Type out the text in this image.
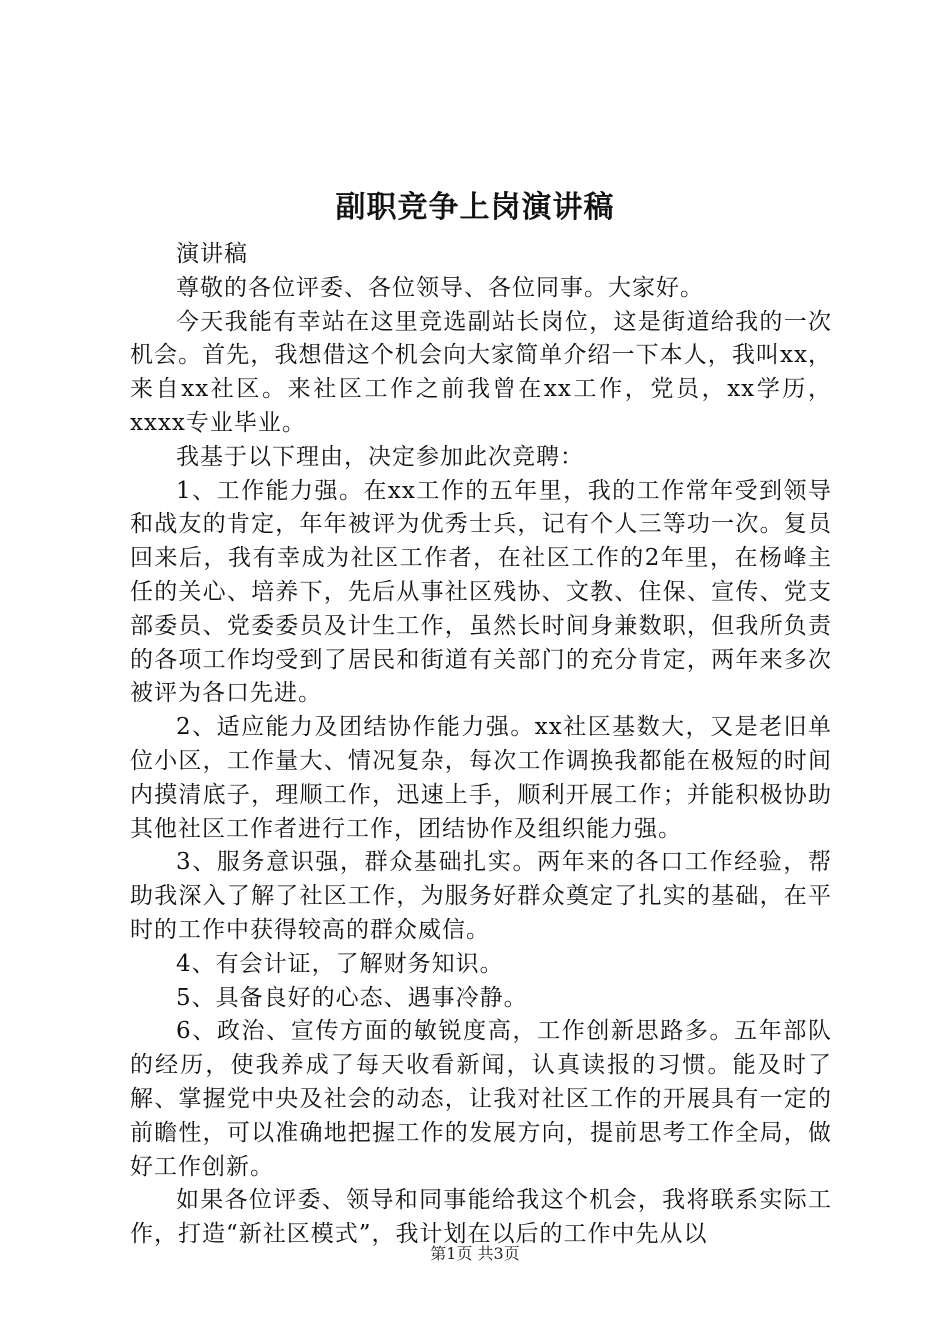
副职竞争上岗演讲稿

演讲稿

尊敬的各位评委、各位领导、各位同事。大家好。

今天我能有幸站在这里竞选副站长岗位，这是街道给我的一次机会。首先，我想借这个机会向大家简单介绍一下本人，我叫xx，来自xx社区。来社区工作之前我曾在xx工作，党员，xx学历，xxxx专业毕业。

我基于以下理由，决定参加此次竞聘：

1、工作能力强。在xx工作的五年里，我的工作常年受到领导和战友的肯定，年年被评为优秀士兵，记有个人三等功一次。复员回来后，我有幸成为社区工作者，在社区工作的2年里，在杨峰主任的关心、培养下，先后从事社区残协、文教、住保、宣传、党支部委员、党委委员及计生工作，虽然长时间身兼数职，但我所负责的各项工作均受到了居民和街道有关部门的充分肯定，两年来多次被评为各口先进。

2、适应能力及团结协作能力强。xx社区基数大，又是老旧单位小区，工作量大、情况复杂，每次工作调换我都能在极短的时间内摸清底子，理顺工作，迅速上手，顺利开展工作；并能积极协助其他社区工作者进行工作，团结协作及组织能力强。

3、服务意识强，群众基础扎实。两年来的各口工作经验，帮助我深入了解了社区工作，为服务好群众奠定了扎实的基础，在平时的工作中获得较高的群众威信。

4、有会计证，了解财务知识。

5、具备良好的心态、遇事冷静。

6、政治、宣传方面的敏锐度高，工作创新思路多。五年部队的经历，使我养成了每天收看新闻，认真读报的习惯。能及时了解、掌握党中央及社会的动态，让我对社区工作的开展具有一定的前瞻性，可以准确地把握工作的发展方向，提前思考工作全局，做好工作创新。

如果各位评委、领导和同事能给我这个机会，我将联系实际工作，打造“新社区模式”，我计划在以后的工作中先从以

第1页 共3页
